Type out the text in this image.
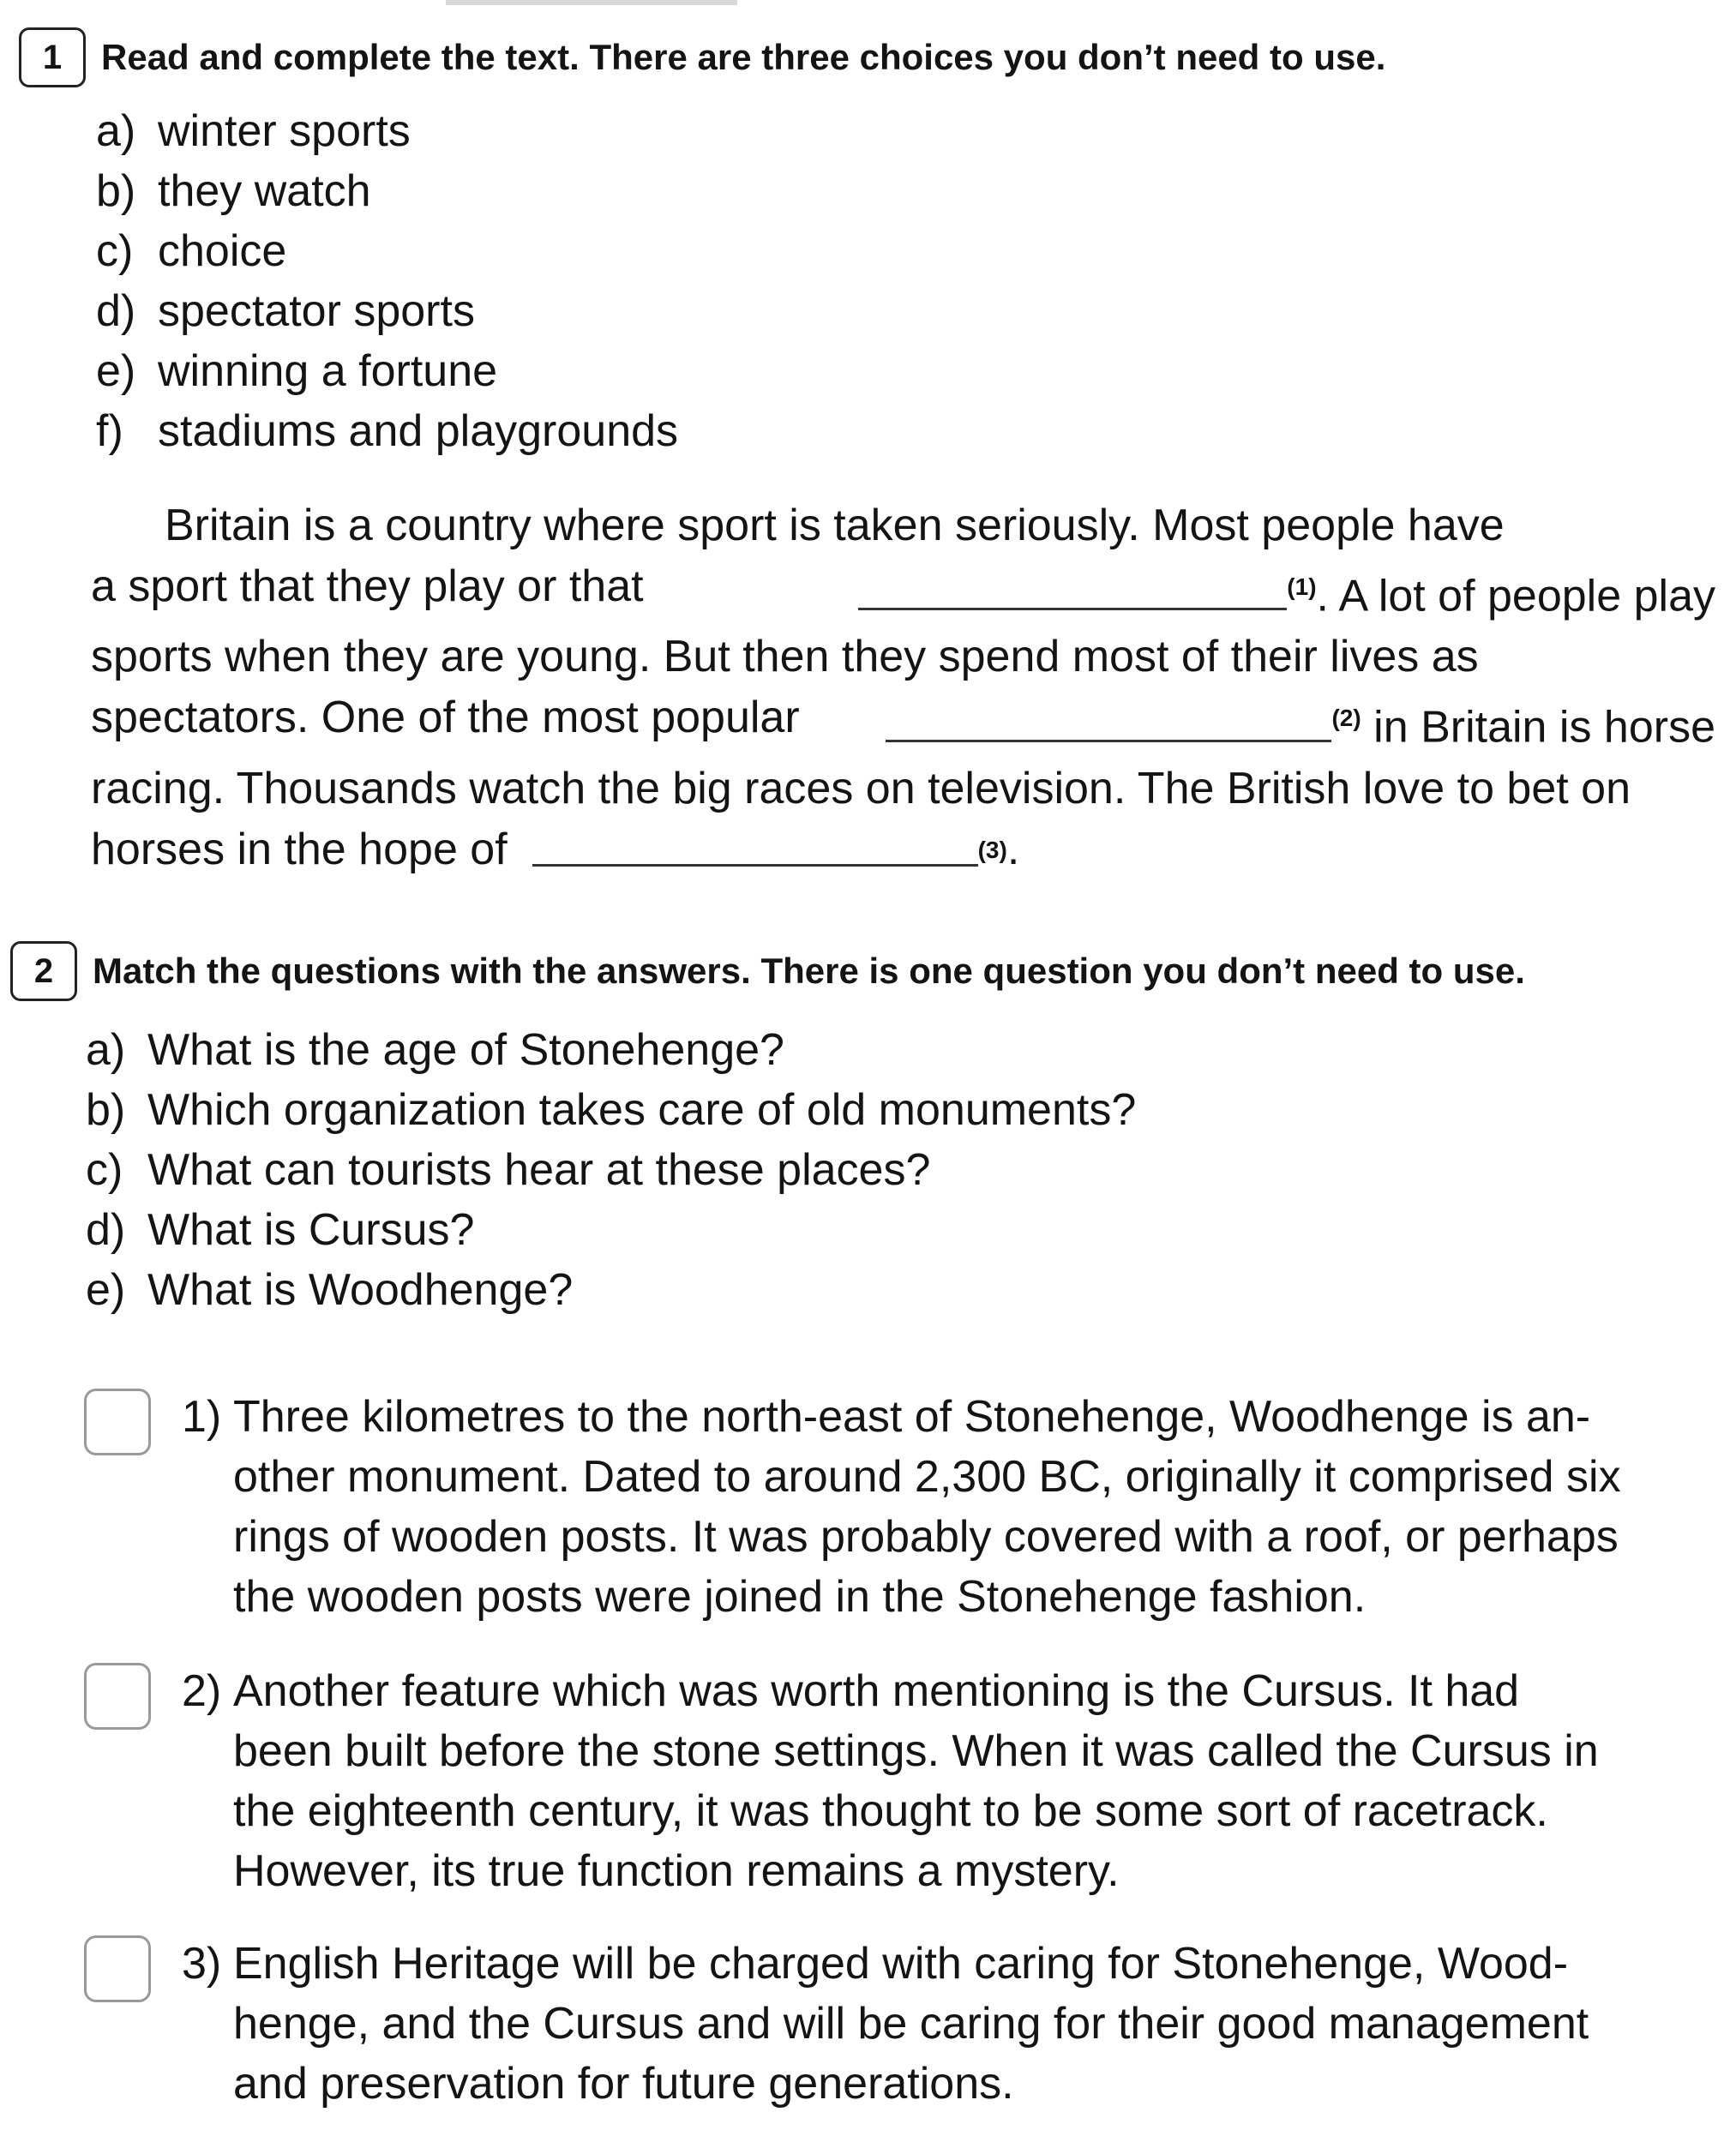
1	Read and complete the text. There are three choices you don’t need to use.
a) winter sports
b) they watch
c) choice
d) spectator sports
e) winning a fortune
f) stadiums and playgrounds
Britain is a country where sport is taken seriously. Most people have
a sport that they play or that	$^{(1)}$. A lot of people play
sports when they are young. But then they spend most of their lives as
spectators. One of the most popular	$^{(2)}$ in Britain is horse
racing. Thousands watch the big races on television. The British love to bet on
horses in the hope of
	(3) .
2	Match the questions with the answers. There is one question you don’t need to use.
a) What is the age of Stonehenge?
b) Which organization takes care of old monuments?
c) What can tourists hear at these places?
d) What is Cursus?
e) What is Woodhenge?
1) Three kilometres to the north-east of Stonehenge, Woodhenge is an-
other monument. Dated to around 2,300 BC, originally it comprised six
rings of wooden posts. It was probably covered with a roof, or perhaps
the wooden posts were joined in the Stonehenge fashion.
2) Another feature which was worth mentioning is the Cursus. It had
been built before the stone settings. When it was called the Cursus in
the eighteenth century, it was thought to be some sort of racetrack.
However, its true function remains a mystery.
3) English Heritage will be charged with caring for Stonehenge, Wood-
henge, and the Cursus and will be caring for their good management
and preservation for future generations.
